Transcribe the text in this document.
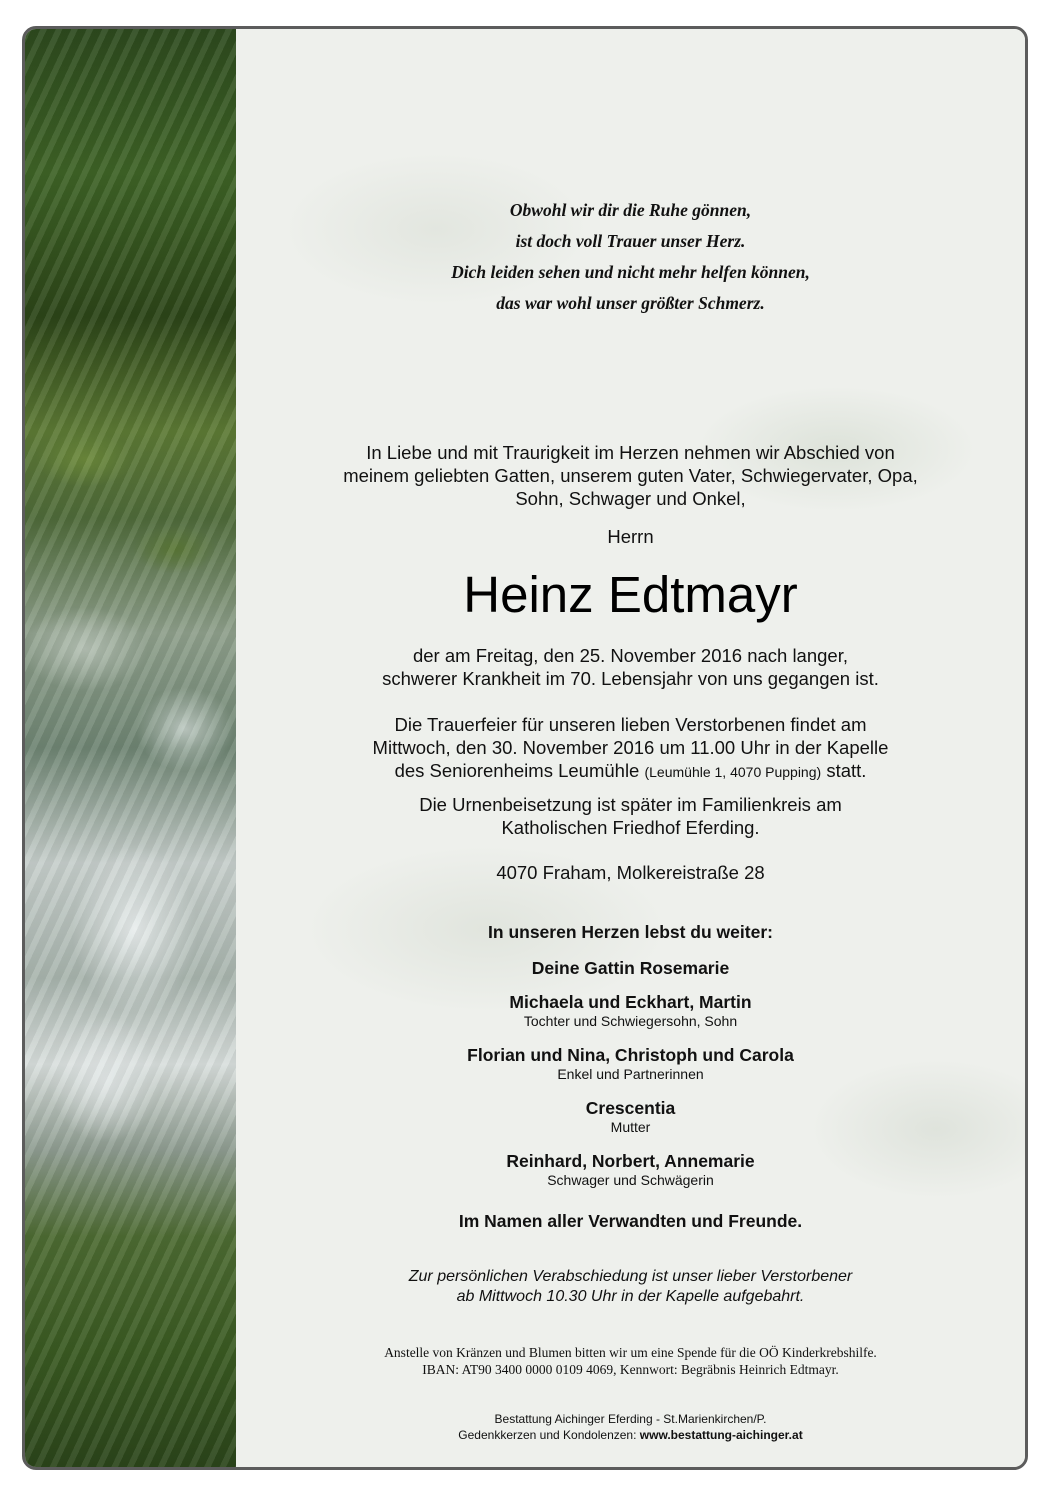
Obwohl wir dir die Ruhe gönnen,
ist doch voll Trauer unser Herz.
Dich leiden sehen und nicht mehr helfen können,
das war wohl unser größter Schmerz.
In Liebe und mit Traurigkeit im Herzen nehmen wir Abschied von
meinem geliebten Gatten, unserem guten Vater, Schwiegervater, Opa,
Sohn, Schwager und Onkel,
Herrn
Heinz Edtmayr
der am Freitag, den 25. November 2016 nach langer,
schwerer Krankheit im 70. Lebensjahr von uns gegangen ist.
Die Trauerfeier für unseren lieben Verstorbenen findet am
Mittwoch, den 30. November 2016 um 11.00 Uhr in der Kapelle
des Seniorenheims Leumühle (Leumühle 1, 4070 Pupping) statt.
Die Urnenbeisetzung ist später im Familienkreis am
Katholischen Friedhof Eferding.
4070 Fraham, Molkereistraße 28
In unseren Herzen lebst du weiter:
Deine Gattin Rosemarie
Michaela und Eckhart, Martin
Tochter und Schwiegersohn, Sohn
Florian und Nina, Christoph und Carola
Enkel und Partnerinnen
Crescentia
Mutter
Reinhard, Norbert, Annemarie
Schwager und Schwägerin
Im Namen aller Verwandten und Freunde.
Zur persönlichen Verabschiedung ist unser lieber Verstorbener
ab Mittwoch 10.30 Uhr in der Kapelle aufgebahrt.
Anstelle von Kränzen und Blumen bitten wir um eine Spende für die OÖ Kinderkrebshilfe.
IBAN: AT90 3400 0000 0109 4069, Kennwort: Begräbnis Heinrich Edtmayr.
Bestattung Aichinger Eferding - St.Marienkirchen/P.
Gedenkkerzen und Kondolenzen: www.bestattung-aichinger.at
